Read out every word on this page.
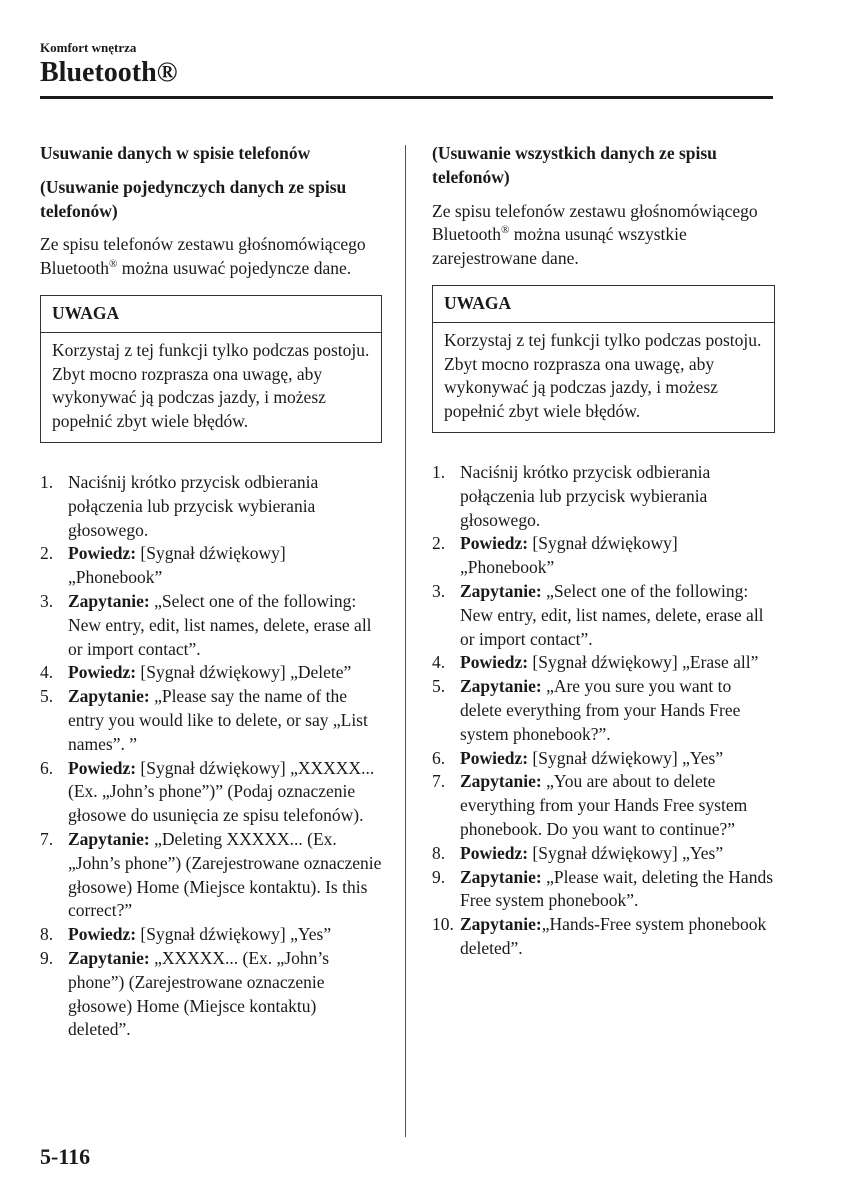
Komfort wnętrza
Bluetooth®
Usuwanie danych w spisie telefonów
(Usuwanie pojedynczych danych ze spisu telefonów)
Ze spisu telefonów zestawu głośnomówiącego Bluetooth® można usuwać pojedyncze dane.
UWAGA
Korzystaj z tej funkcji tylko podczas postoju. Zbyt mocno rozprasza ona uwagę, aby wykonywać ją podczas jazdy, i możesz popełnić zbyt wiele błędów.
1. Naciśnij krótko przycisk odbierania połączenia lub przycisk wybierania głosowego.
2. Powiedz: [Sygnał dźwiękowy] „Phonebook”
3. Zapytanie: „Select one of the following: New entry, edit, list names, delete, erase all or import contact”.
4. Powiedz: [Sygnał dźwiękowy] „Delete”
5. Zapytanie: „Please say the name of the entry you would like to delete, or say „List names”. ”
6. Powiedz: [Sygnał dźwiękowy] „XXXXX... (Ex. „John’s phone”)” (Podaj oznaczenie głosowe do usunięcia ze spisu telefonów).
7. Zapytanie: „Deleting XXXXX... (Ex. „John’s phone”) (Zarejestrowane oznaczenie głosowe) Home (Miejsce kontaktu). Is this correct?”
8. Powiedz: [Sygnał dźwiękowy] „Yes”
9. Zapytanie: „XXXXX... (Ex. „John’s phone”) (Zarejestrowane oznaczenie głosowe) Home (Miejsce kontaktu) deleted”.
(Usuwanie wszystkich danych ze spisu telefonów)
Ze spisu telefonów zestawu głośnomówiącego Bluetooth® można usunąć wszystkie zarejestrowane dane.
UWAGA
Korzystaj z tej funkcji tylko podczas postoju. Zbyt mocno rozprasza ona uwagę, aby wykonywać ją podczas jazdy, i możesz popełnić zbyt wiele błędów.
1. Naciśnij krótko przycisk odbierania połączenia lub przycisk wybierania głosowego.
2. Powiedz: [Sygnał dźwiękowy] „Phonebook”
3. Zapytanie: „Select one of the following: New entry, edit, list names, delete, erase all or import contact”.
4. Powiedz: [Sygnał dźwiękowy] „Erase all”
5. Zapytanie: „Are you sure you want to delete everything from your Hands Free system phonebook?”.
6. Powiedz: [Sygnał dźwiękowy] „Yes”
7. Zapytanie: „You are about to delete everything from your Hands Free system phonebook. Do you want to continue?”
8. Powiedz: [Sygnał dźwiękowy] „Yes”
9. Zapytanie: „Please wait, deleting the Hands Free system phonebook”.
10. Zapytanie:„Hands-Free system phonebook deleted”.
5-116
